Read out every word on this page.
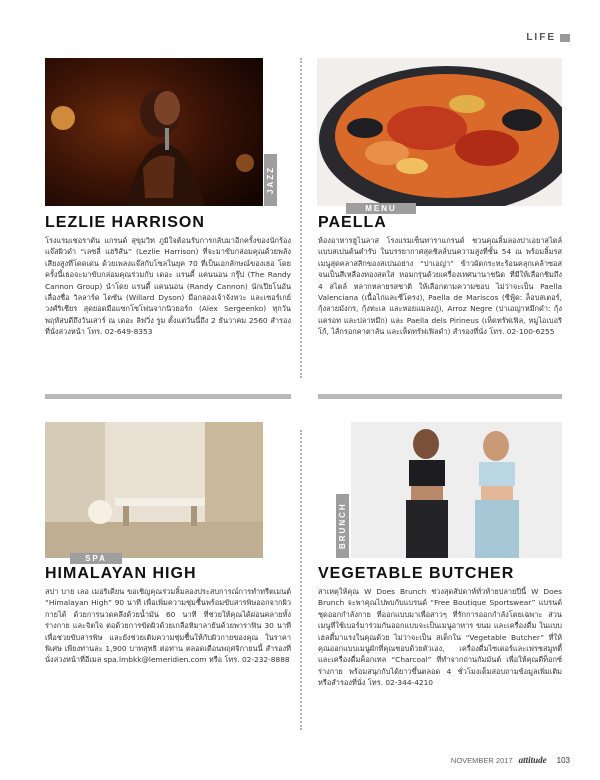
LIFE
JAZZ
LEZLIE HARRISON
โรงแรมเชอราตัน แกรนด์ สุขุมวิท ภูมิใจต้อนรับการกลับมาอีกครั้งของนักร้องแจ๊สผิวดำ “เลซลี่ แฮริสัน” (Lezlie Harrison) ที่จะมาขับกล่อมคุณด้วยพลังเสียงสูงที่โดดเด่น ด้วยเพลงแจ๊สกับโซลในยุค 70 ที่เป็นเอกลักษณ์ของเธอ โดยครั้งนี้เธอจะมาขับกล่อมคุณร่วมกับ เดอะ แรนดี้ แคนนอน กรุ๊ป (The Randy Cannon Group) นำโดย แรนดี้ แคนนอน (Randy Cannon) นักเปียโนอันเลื่องชื่อ วิลลาร์ด ไดซัน (Willard Dyson) มือกลองเจ้าจังหวะ และเซอร์เกย์ วงศ์ริเชียร สุดยอดมือแซกโซโฟนจากนิวยอร์ก (Alex Sergeenko) ทุกวันพฤหัสบดีถึงวันเสาร์ ณ เดอะ ลิฟวิ่ง รูม ตั้งแต่วันนี้ถึง 2 ธันวาคม 2560 สำรองที่นั่งล่วงหน้า โทร. 02-649-8353
MENU
PAELLA
ห้องอาหารฮูไนลาส โรงแรมเซ็นทาราแกรนด์ ชวนคุณลิ้มลองปาเอยาสไตล์แบบสเปนต้นตำรับ ในบรรยากาศสุดชิลล์บนความสูงที่ชั้น 54 ณ พร้อมลิ้มรสเมนูสุดคลาสสิกของสเปนอย่าง “ปาเอญ่า” ข้าวผัดกระทะร้อนคลุกเคล้าซอสจนเป็นสีเหลืองทองสดใส หอมกรุ่นด้วยเครื่องเทศนานาชนิด ที่มีให้เลือกชิมถึง 4 สไตล์ หลากหลายรสชาติ ให้เลือกตามความชอบ ไม่ว่าจะเป็น Paella Valenciana (เนื้อไก่และซี่โครง), Paella de Mariscos (ซีฟู้ด: ล็อบสเตอร์, กุ้งลายมังกร, กุ้งทะเล และหอยแมลงภู่), Arroz Negre (ปาเอญ่าหมึกดำ: กุ้ง แครอท และปลาหมึก) และ Paella dels Pirineus (เห็ดทรัฟเฟิล, หมูไอเบอริโก้, ไส้กรอกคาตาลัน และเห็ดทรัฟเฟิลดำ) สำรองที่นั่ง โทร. 02-100-6255
SPA
HIMALAYAN HIGH
สปา บาย เลอ เมอริเดียน ขอเชิญคุณร่วมลิ้มลองประสบการณ์การทำทรีตเมนต์ “Himalayan High” 90 นาที เพื่อเพิ่มความชุ่มชื้นพร้อมขับสารพิษออกจากผิวกายได้ ด้วยการนวดคลึงด้วยน้ำมัน 60 นาที ที่ช่วยให้คุณได้ผ่อนคลายทั้งร่างกาย และจิตใจ ต่อด้วยการขัดผิวด้วยเกลือหิมาลายันด้วยพาราฟิน 30 นาที เพื่อช่วยขับสารพิษ และยังช่วยเติมความชุ่มชื้นให้กับผิวกายของคุณ ในราคาพิเศษ เพียงท่านละ 1,900 บาทสุทธิ ต่อท่าน ตลอดเดือนพฤศจิกายนนี้ สำรองที่นั่งล่วงหน้าที่อีเมล spa.lmbkk@lemeridien.com หรือ โทร. 02-232-8888
BRUNCH
VEGETABLE BUTCHER
สาเหตุให้คุณ W Does Brunch ช่วงสุดสัปดาห์ทั่วท้ายปลายปีนี้ W Does Brunch จะพาคุณไปพบกับแบรนด์ “Free Boutique Sportswear” แบรนด์ชุดออกกำลังกาย ที่ออกแบบมาเพื่อสาวๆ ที่รักการออกกำลังโดยเฉพาะ ส่วนเมนูที่ใช้เบอร์มาร่วมกันออกแบบจะเป็นเมนูอาหาร ขนม และเครื่องดื่ม ในแบบเฮลตี้มาแรงในคุณด้วย ไม่ว่าจะเป็น สเต็กใน “Vegetable Butcher” ที่ให้คุณออกแบบเมนูผักที่คุณชอบด้วยตัวเอง, เครื่องดื่มไซเดอร์และเฟรชสมูทตี้และเครื่องดื่มค็อกเทล “Charcoal” ที่ทำจากถ่านกัมมันต์ เพื่อให้คุณดีท็อกซ์ร่างกาย พร้อมสนุกกับได้ยาวขึ้นตลอด 4 ชั่วโมงเต็มสอบถามข้อมูลเพิ่มเติมหรือสำรองที่นั่ง โทร. 02-344-4210
NOVEMBER 2017 attitude 103
